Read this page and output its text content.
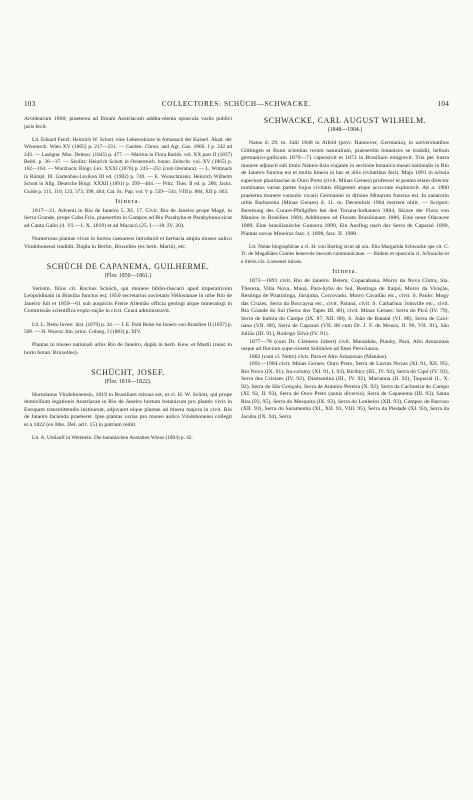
103	COLLECTORES: SCHÜCH—SCHWACKE.	104

Aroidearum 1860; praeterea ad floram Austriacam addita-menta opuscula variis publici juris fecit.

Lit. Eduard Fenzl: Heinrich W. Schott, eine Lebensskizze in Almanach der Kaiserl. Akad. der Wissensch. Wien XV (1865) p. 217—231. — Garden. Chron. and Agr. Gaz. 1866. I p. 242 ad 243. — Lasègue: Mus. Delessr. (1845) p. 477. — Martius in Flora Ratisb. vol. XX pars II (1837) Beibl. p. 36—37. — Skofitz: Heinrich Schott in Oesterreich. botan. Zeitschr. vol. XV (1865) p. 162—164. — Wurzbach: Biogr. Lex. XXXI (1876) p. 245—251 (cum literatura). — L. Wittmack in Rümpl. Ill. Gartenbau-Lexikon III ed. (1902) p. 749. — E. Wunschmann: Heinrich Wilhelm Schott in Allg. Deutsche Biogr. XXXII (1891) p. 399—404. — Pritz. Thes. II ed. p. 286; Jacks. Guide p. 115, 118, 123, 373, 398, 404; Cat. Sc. Pap. vol. V p. 539—541, VIII p. 884, XII p. 663.

Itinera.

1817—21. Advenit in Rio de Janeiro 5. XI. 17. Civit. Rio de Janeiro prope Magé, in Serra Grande, prope Cabo Frio, praesertim in Campos ad Rio Parahyba et Parahybuna sicut ad Canta Gallo (4. VI.—1. X. 1819) et ad Macacú (25. I.—18. IV. 20).

Numerosas plantas vivas in hortos caesareos introduxit et herbaria ampla museo aulico Vindobonensi tradidit. Dupla in Berlin, Bruxelles (ex herb. Martii), etc.

SCHÜCH DE CAPANEMA, GUILHERME.
(Flor. 1850—1861.)

Verisim. filius cit. Rochus Schüch, qui munere biblio-thecarii apud imperatricem Leopoldinam in Brasilia functus est, 1850 secretarius societatis Vellosianae in urbe Rio de Janeiro fuit et 1859—61 sub auspiciis Freire Allemão officia geologi atque mineralogi in Commissão scientifica explo-ração in civit. Ceará administravit.

Lit. L. Netto Invest. hist. (1870) p. 34. — J. E. Pohl Reise im Innern von Brasilien II (1837) p. 568. — H. Wawra: Itin. princ. Coburg. I (1883) p. XIV.

Plantas in museo nationali urbis Rio de Janeiro, dupla in herb. Kew. et Martii (nunc in horto botan. Bruxelles).

SCHÜCHT, JOSEF.
(Flor. 1819—1822).

Hortulanus Vindobonensis, 1819 in Brasiliam missus est, ut cl. H. W. Schott, qui prope domicilium legationis Austriacae in Rio de Janeiro hortum botanicum pro plantis vivis in Europam transmittendis instituerat, adjuvaret eique plantas ad itinera majora in civit. Rio de Janeiro facienda praeberet. Ipse plantas varias pro museo aulico Vindobonensi collegit et a 1822 (ex Mss. Del. ad t. 15) in patriam rediit.

Lit. A. Umlauft in Wettstein: Die botanischen Anstalten Wiens (1894) p. 42.

SCHWACKE, CARL AUGUST WILHELM.
(1848—1904.)

Natus d. 29. m. Julii 1848 in Alfeld (prov. Hannover, Germania), in universitatibus Göttingen et Bonn scientias rerum naturalium, praesertim botanices se tradidit, bellum germanico-gallicum 1870—71 capessivit et 1873 in Brasiliam emigravit. Tria per lustra munere adjuncti sub titulo Natura-lista viajante in sectione botanica musei nationalis in Rio de Janeiro functus est et multa itinera in hac et aliis civitatibus fecit. Majo 1891 in schola superiore pharmaciae in Ouro Preto (civit. Minas Geraes) professor et postea etiam director nominatus varias partes hujus civitatis diligenter atque accu-rate exploravit. Ab a. 1900 praeterea munere consulis vicarii Germaniei in ditione Minarum functus est. In sanatorio urbis Barbacena (Minas Geraes) d. 11. m. Decembris 1904 mortem obiit. — Scripsit: Bereitung des Curare-Pfeilgiftes bei den Tecuna-Indianern 1884, Skizze der Flora von Manáos in Brasilien 1884, Additiones ad Floram Brasilianam 1886, Eine neue Olacacee 1889, Eine brasilianische Gunnera 1890, Ein Ausflug nach der Serra de Caparaó 1890, Plantas novas Mineiras fasc. I. 1898, fasc. II. 1900.

Lit. Notae biographicae a cl. H. von Ihering sicut ab ora. filia Margarida Schwacke spe cit. C. Tr. de Magalhães Gomes benevole mecum communicatae. — Ibidem et opuscula cl. Schwacke et e literis clo. Loesener missis.

Itinera.

1873—1891 civit. Rio de Janeiro: Belem, Copacabana, Morro da Nova Cintra, Sta. Thereza, Villa Nova, Mauá, Para-hyba do Sul, Restinga de Itaipú, Morro da Viração, Restinga de Piratininga, Jurujuba, Corcovado, Morro Cavallão etc., civit. S. Paulo: Mogy das Cruzes, Serra da Boccayna etc., civit. Paraná, civit. S. Catharina: Joinville etc., civit. Rio Grande do Sul (Serra dos Tapes III. 80), civit. Minas Geraes: Serra do Picú (IV. 79), Serra de Itabira do Campo (IX. 87, XII. 88), S. João de Batatal (VI. 88), Serra de Caxi-nana (VII. 88), Serra de Caparaó (VII. 88 cum Dr. J. F. de Moura, II. 90, VII. 91), São Julião (III. 91), Rodrigo Silva (IV. 91).

1877—78 (cum Dr. Clemens Jobert) civit. Maranhão, Piauhy, Pará, Alto Amazonas usque ad fluvium supe-riorem Solimões ad fines Peruvianos.

1882 (cum cl. Netto) civit. Pará et Alto Amazonas (Manáos).

1891—1904 civit. Minas Geraes: Ouro Preto, Serra de Lavras Novas (XI. 91, XII. 95), Rio Novo (IX. 91), Ita-columy (XI. 91, I. 93), Birihiry (III., IV. 92), Serra do Cipó (IV. 92), Serra dos Cristaes (IV. 92), Diamantina (III., IV. 92), Marianna (II. 92), Taquaral (I., X. 92), Serra do São Gonçalo, Serra de Antonio Pereira (X. 92), Serra da Cachoeira do Campo (XI. 92, II. 93), Serra de Ouro Preto (annis diversis), Serra de Capanema (III. 93), Santa Rita (93, 95), Serra do Mesquita (IX. 93), Serra do Lenheiro (XII. 93), Campos de Barroso (XII. 93), Serra do Saramenha (XI., XII. 93, VIII. 95), Serra da Piedade (XI. 93), Serra da Jacuba (IX. 94), Serra
